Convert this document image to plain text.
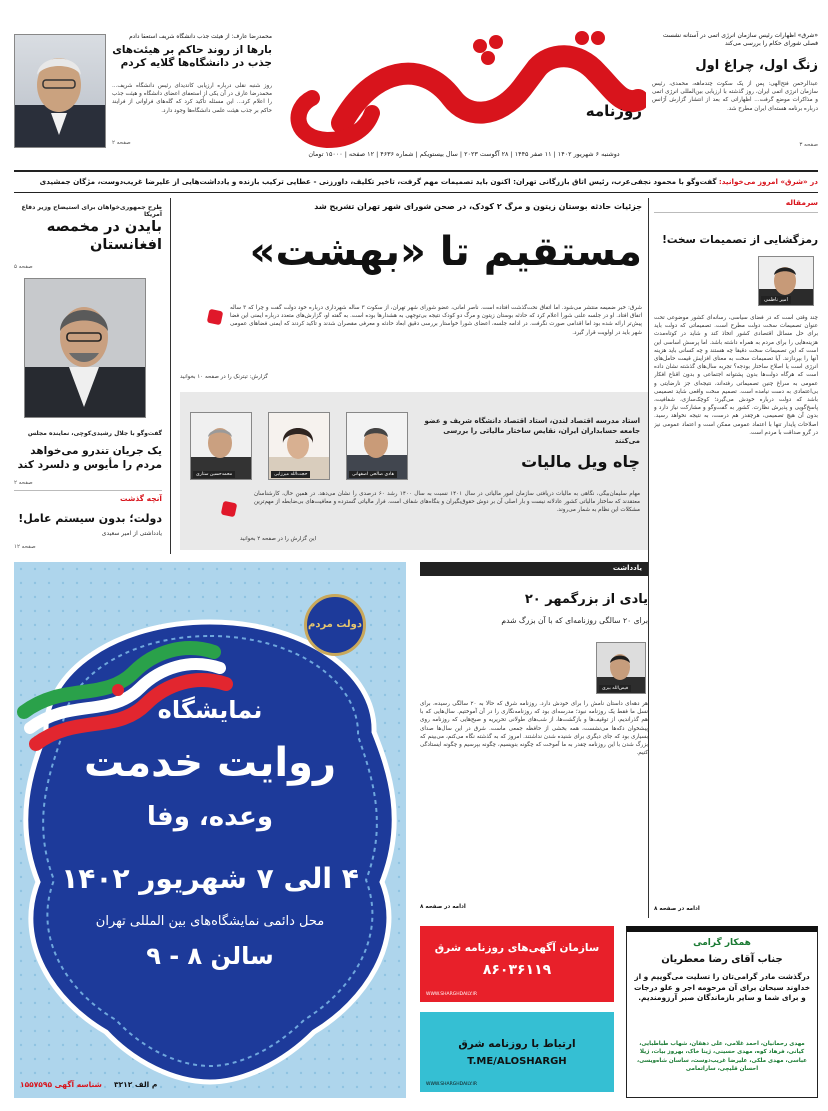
روزنامه
دوشنبه ۶ شهریور ۱۴۰۲ | ۱۱ صفر ۱۴۴۵ | ۲۸ آگوست ۲۰۲۳ | سال بیستویکم | شماره ۴۶۳۶ | ۱۲ صفحه | ۱۵۰۰۰ تومان
محمدرضا عارف: از هیئت جذب دانشگاه شریف استعفا دادم
بارها از روند حاکم بر هیئت‌های جذب در دانشگاه‌ها گلایه کردم
روز شنبه نقلی درباره ارزیابی کاندیدای رئیس دانشگاه شریف... محمدرضا عارف در آن یکی از استعفای اعضای دانشگاه و هیئت جذب را اعلام کرد... این مسئله تأکید کرد که گله‌های فراوانی از فرایند حاکم بر جذب هیئت علمی دانشگاه‌ها وجود دارد.
صفحه ۲
«شرق» اظهارات رئیس سازمان انرژی اتمی در آستانه نشست فصلی شورای حکام را بررسی می‌کند
زنگ اول، چراغ اول
عبدالرحمن فتح‌الهی: پس از یک سکوت چندماهه، محمدی، رئیس سازمان انرژی اتمی ایران، روز گذشته با ارزیابی بین‌المللی انرژی اتمی و مذاکرات موضع گرفت... اظهاراتی که بعد از انتشار گزارش آژانس درباره برنامه هسته‌ای ایران مطرح شد.
صفحه ۳
در «شرق» امروز می‌خوانید: گفت‌وگو با محمود نجفی‌عرب، رئیس اتاق بازرگانی تهران: اکنون باید تصمیمات مهم گرفت، تاخیر تکلیف، داورزنی - عطایی ترکیب بازنده و یادداشت‌هایی از علیرضا غریب‌دوست، مژگان جمشیدی
سرمقاله
رمزگشایی از تصمیمات سخت!
امیر ناظمی
چند وقتی است که در فضای سیاسی، رسانه‌ای کشور موضوعی تحت عنوان تصمیمات سخت دولت مطرح است. تصمیماتی که دولت باید برای حل مسائل اقتصادی کشور اتخاذ کند و شاید در کوتاه‌مدت هزینه‌هایی را برای مردم به همراه داشته باشد. اما پرسش اساسی این است که این تصمیمات سخت دقیقا چه هستند و چه کسانی باید هزینه آنها را بپردازند. آیا تصمیمات سخت به معنای افزایش قیمت حامل‌های انرژی است یا اصلاح ساختار بودجه؟ تجربه سال‌های گذشته نشان داده است که هرگاه دولت‌ها بدون پشتوانه اجتماعی و بدون اقناع افکار عمومی به سراغ چنین تصمیماتی رفته‌اند، نتیجه‌ای جز نارضایتی و بی‌اعتمادی به دست نیامده است. تصمیم سخت واقعی شاید تصمیمی باشد که دولت درباره خودش می‌گیرد؛ کوچک‌سازی، شفافیت، پاسخ‌گویی و پذیرش نظارت. کشور به گفت‌وگو و مشارکت نیاز دارد و بدون آن هیچ تصمیمی، هرچقدر هم درست، به نتیجه نخواهد رسید. اصلاحات پایدار تنها با اعتماد عمومی ممکن است و اعتماد عمومی نیز در گرو صداقت با مردم است.
ادامه در صفحه ۸
جزئیات حادثه بوستان زیتون و مرگ ۲ کودک، در صحن شورای شهر تهران تشریح شد
مستقیم تا «بهشت»
شرق: خبر ضمیمه منتشر می‌شود. اما اتفاق نحت‌گذشت افتاده است. ناصر امانی، عضو شورای شهر تهران، از سکوت ۳ ساله شهرداری درباره خود دولت گفت و چرا که ۳ ساله اتفاق افتاد. او در جلسه علنی شورا اعلام کرد که حادثه بوستان زیتون و مرگ دو کودک نتیجه بی‌توجهی به هشدارها بوده است. به گفته او، گزارش‌های متعدد درباره ایمنی این فضا پیش‌تر ارائه شده بود اما اقدامی صورت نگرفت. در ادامه جلسه، اعضای شورا خواستار بررسی دقیق ابعاد حادثه و معرفی مقصران شدند و تاکید کردند که ایمنی فضاهای عمومی شهر باید در اولویت قرار گیرد.
گزارش: تیترنک را در صفحه ۱۰ بخوانید
هادی صالحی اصفهانی
حجت‌الله میرزایی
محمدحسین ستاری
استاد مدرسه اقتصاد لندن، استاد اقتصاد دانشگاه شریف و عضو جامعه حسابداران ایران، نقایص ساختار مالیاتی را بررسی می‌کنند
چاه ویل مالیات
مهام سلیمان‌بیگی، نگاهی به مالیات دریافتی سازمان امور مالیاتی در سال ۱۴۰۱ نسبت به سال ۱۴۰۰ رشد ۶۰ درصدی را نشان می‌دهد. در همین حال، کارشناسان معتقدند که ساختار مالیاتی کشور عادلانه نیست و بار اصلی آن بر دوش حقوق‌بگیران و بنگاه‌های شفاف است. فرار مالیاتی گسترده و معافیت‌های بی‌ضابطه از مهم‌ترین مشکلات این نظام به شمار می‌روند.
این گزارش را در صفحه ۲ بخوانید
طرح جمهوری‌خواهان برای استیضاح وزیر دفاع آمریکا
بایدن در مخمصه افغانستان
صفحه ۵
گفت‌وگو با جلال رشیدی‌کوچی، نماینده مجلس
یک جریان تندرو می‌خواهد مردم را مأیوس و دلسرد کند
صفحه ۲
آنچه گذشت
دولت؛ بدون سیستم عامل!
یادداشتی از امیر سعیدی
صفحه ۱۲
دولت مردم
نمایشگاه
روایت خدمت
وعده، وفا
۴ الی ۷ شهریور ۱۴۰۲
محل دائمی نمایشگاه‌های بین المللی تهران
سالن ۸ - ۹
شناسه آگهی ۱۵۵۷۵۹۵ م الف ۳۲۱۲
یادداشت
یادی از بزرگمهر ۲۰
برای ۲۰ سالگی روزنامه‌ای که با آن بزرگ شدم
فیض‌الله بیری
هر دهه‌ای داستان نامش را برای خودش دارد. روزنامه شرق که حالا به ۲۰ سالگی رسیده، برای نسل ما فقط یک روزنامه نبود؛ مدرسه‌ای بود که روزنامه‌نگاری را در آن آموختیم. سال‌هایی که با هم گذراندیم، از توقیف‌ها و بازگشت‌ها، از شب‌های طولانی تحریریه و صبح‌هایی که روزنامه روی پیشخوان دکه‌ها می‌نشست، همه بخشی از حافظه جمعی ماست. شرق در این سال‌ها صدای بسیاری بود که جای دیگری برای شنیده شدن نداشتند. امروز که به گذشته نگاه می‌کنم، می‌بینم که بزرگ شدن با این روزنامه چقدر به ما آموخت که چگونه بنویسیم، چگونه بپرسیم و چگونه ایستادگی کنیم.
ادامه در صفحه ۸
سازمان آگهی‌های روزنامه شرق
۸۶۰۳۶۱۱۹
WWW.SHARGHDAILY.IR
ارتباط با روزنامه شرق
T.ME/ALOSHARGH
WWW.SHARGHDAILY.IR
همکار گرامی
جناب آقای رضا معطریان
درگذشت مادر گرامی‌تان را تسلیت می‌گوییم و از خداوند سبحان برای آن مرحومه اجر و علو درجات و برای شما و سایر بازماندگان صبر آرزومندیم.
مهدی رحمانیان، احمد غلامی، علی دهقان، شهاب طباطبایی، کیانی، فرهاد کوه، مهدی حسینی، ژینا خاک، بهروز بیات، ژیلا عباسی، مهدی ملکی، علیرضا غریب‌دوست، ساسان شاه‌ویسی، احسان قلیچی، ساراتمامی
